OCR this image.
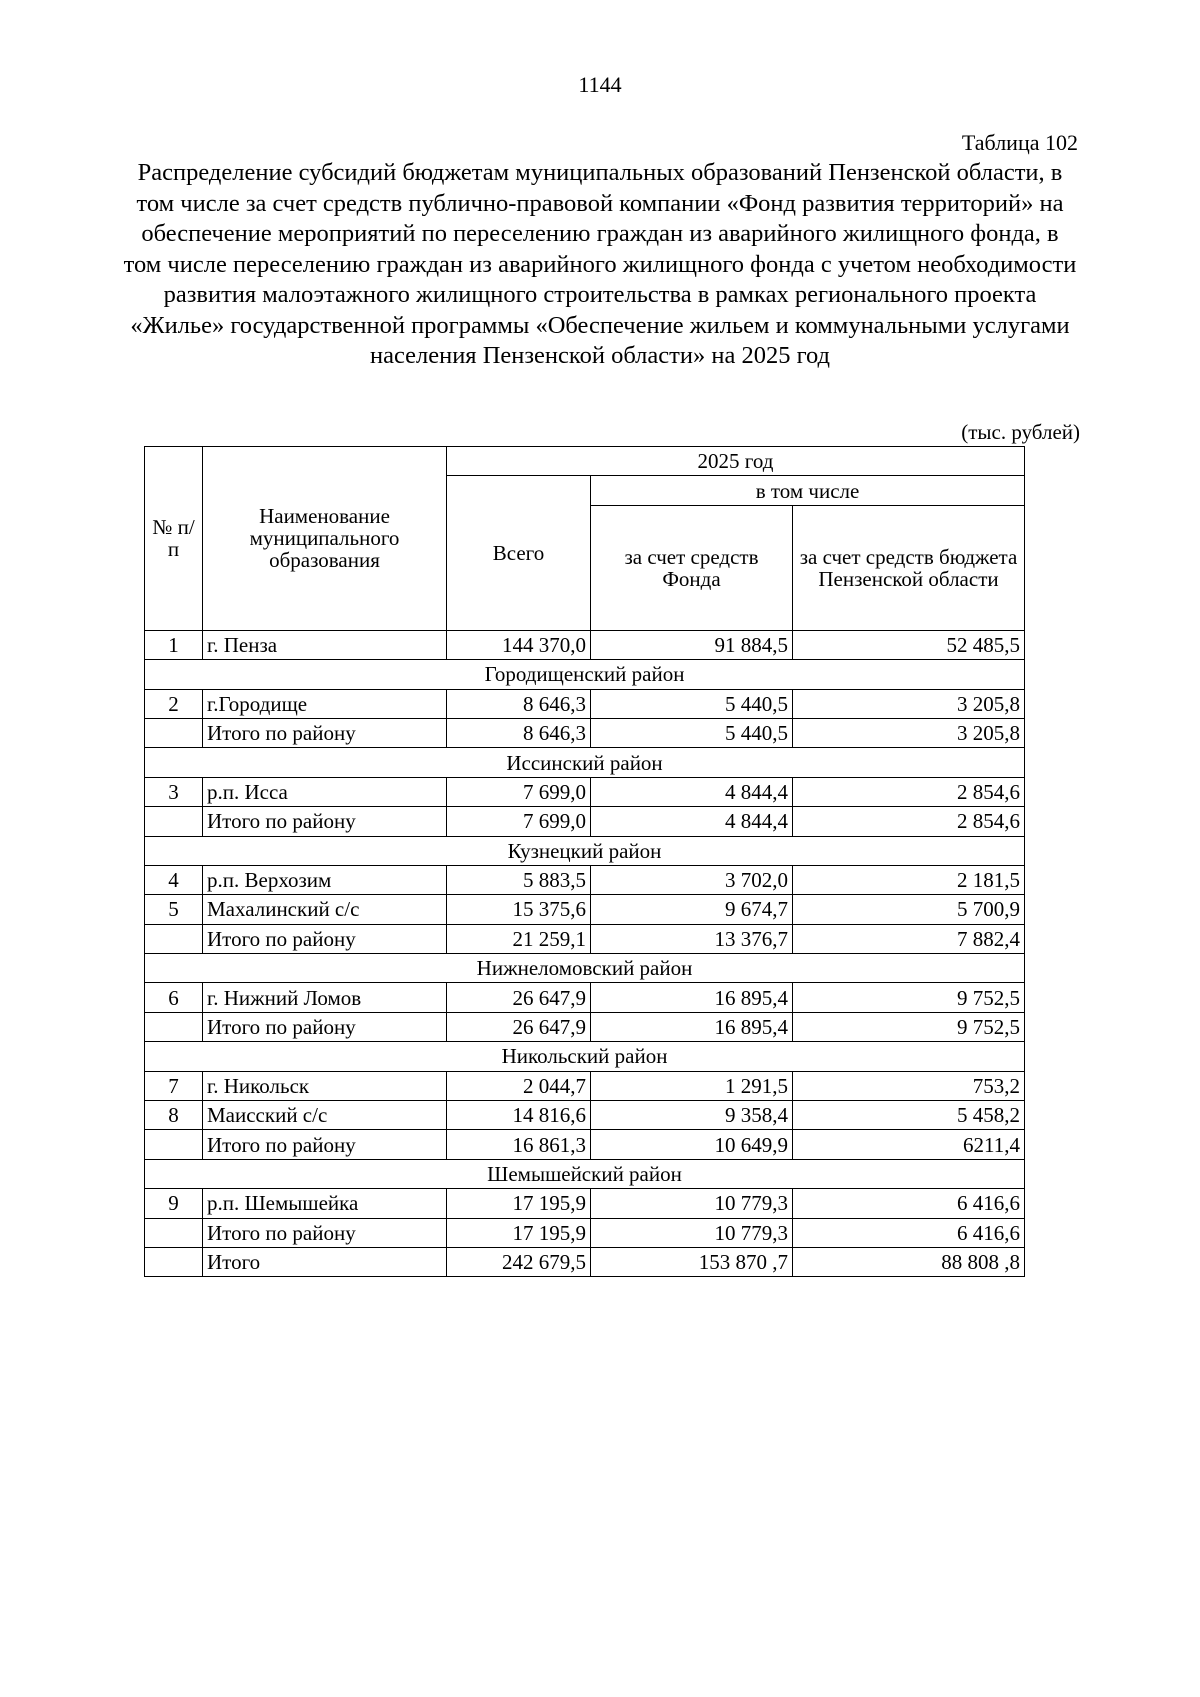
1144
Таблица 102
Распределение субсидий бюджетам муниципальных образований Пензенской области, в том числе за счет средств публично-правовой компании «Фонд развития территорий» на обеспечение мероприятий по переселению граждан из аварийного жилищного фонда, в том числе переселению граждан из аварийного жилищного фонда с учетом необходимости развития малоэтажного жилищного строительства в рамках регионального проекта «Жилье» государственной программы «Обеспечение жильем и коммунальными услугами населения Пензенской области» на 2025 год
(тыс. рублей)
№ п/п	Наименование муниципального образования	2025 год		
		Всего	в том числе	
			за счет средств Фонда	за счет средств бюджета Пензенской области
1	г. Пенза	144 370,0	91 884,5	52 485,5
Городищенский район				
2	г.Городище	8 646,3	5 440,5	3 205,8
	Итого по району	8 646,3	5 440,5	3 205,8
Иссинский район				
3	р.п. Исса	7 699,0	4 844,4	2 854,6
	Итого по району	7 699,0	4 844,4	2 854,6
Кузнецкий район				
4	р.п. Верхозим	5 883,5	3 702,0	2 181,5
5	Махалинский с/с	15 375,6	9 674,7	5 700,9
	Итого по району	21 259,1	13 376,7	7 882,4
Нижнеломовский район				
6	г. Нижний Ломов	26 647,9	16 895,4	9 752,5
	Итого по району	26 647,9	16 895,4	9 752,5
Никольский район				
7	г. Никольск	2 044,7	1 291,5	753,2
8	Маисский с/с	14 816,6	9 358,4	5 458,2
	Итого по району	16 861,3	10 649,9	6211,4
Шемышейский район				
9	р.п. Шемышейка	17 195,9	10 779,3	6 416,6
	Итого по району	17 195,9	10 779,3	6 416,6
	Итого	242 679,5	153 870 ,7	88 808 ,8
